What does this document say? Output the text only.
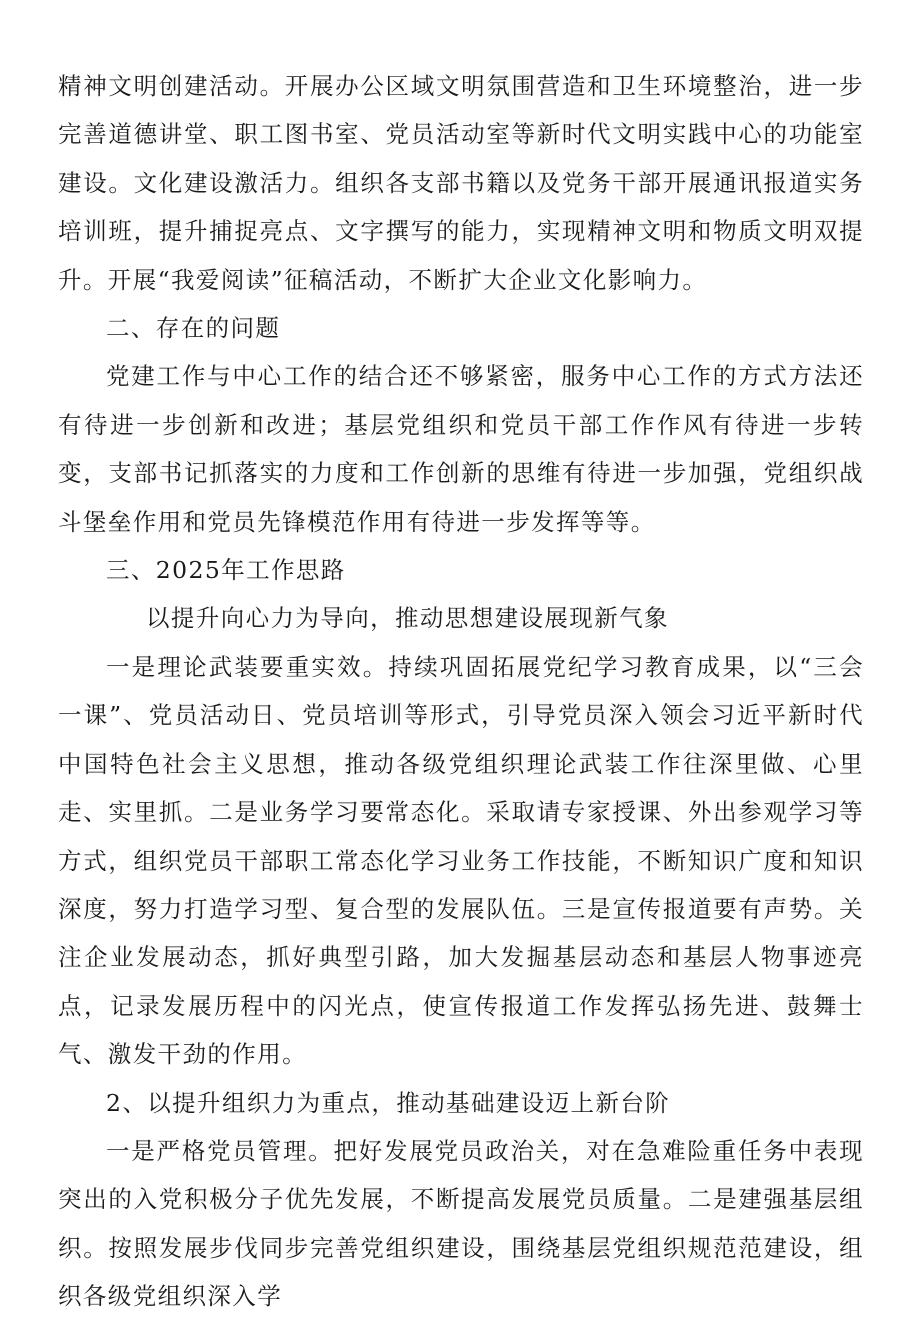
精神文明创建活动。开展办公区域文明氛围营造和卫生环境整治，进一步完善道德讲堂、职工图书室、党员活动室等新时代文明实践中心的功能室建设。文化建设激活力。组织各支部书籍以及党务干部开展通讯报道实务培训班，提升捕捉亮点、文字撰写的能力，实现精神文明和物质文明双提升。开展“我爱阅读”征稿活动，不断扩大企业文化影响力。

二、存在的问题

党建工作与中心工作的结合还不够紧密，服务中心工作的方式方法还有待进一步创新和改进；基层党组织和党员干部工作作风有待进一步转变，支部书记抓落实的力度和工作创新的思维有待进一步加强，党组织战斗堡垒作用和党员先锋模范作用有待进一步发挥等等。

三、2025年工作思路

以提升向心力为导向，推动思想建设展现新气象

一是理论武装要重实效。持续巩固拓展党纪学习教育成果，以“三会一课”、党员活动日、党员培训等形式，引导党员深入领会习近平新时代中国特色社会主义思想，推动各级党组织理论武装工作往深里做、心里走、实里抓。二是业务学习要常态化。采取请专家授课、外出参观学习等方式，组织党员干部职工常态化学习业务工作技能，不断知识广度和知识深度，努力打造学习型、复合型的发展队伍。三是宣传报道要有声势。关注企业发展动态，抓好典型引路，加大发掘基层动态和基层人物事迹亮点，记录发展历程中的闪光点，使宣传报道工作发挥弘扬先进、鼓舞士气、激发干劲的作用。

2、以提升组织力为重点，推动基础建设迈上新台阶

一是严格党员管理。把好发展党员政治关，对在急难险重任务中表现突出的入党积极分子优先发展，不断提高发展党员质量。二是建强基层组织。按照发展步伐同步完善党组织建设，围绕基层党组织规范范建设，组织各级党组织深入学
